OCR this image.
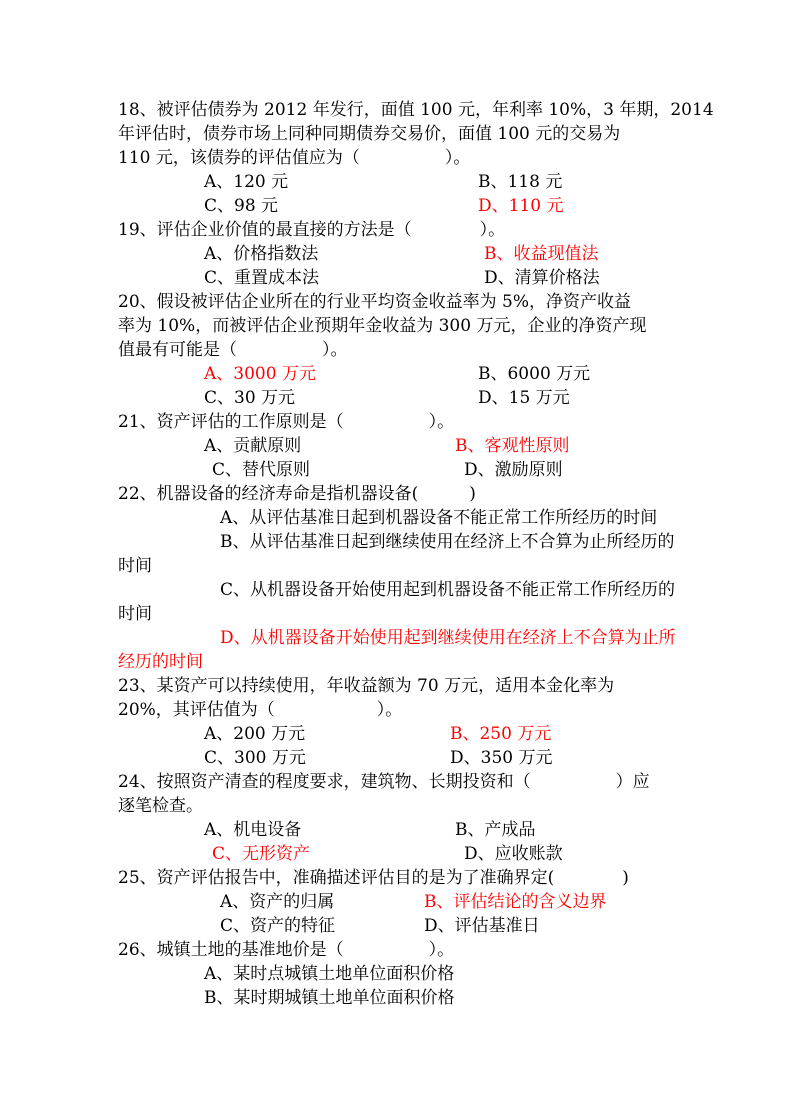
18、被评估债券为 2012 年发行，面值 100 元，年利率 10%，3 年期，2014
年评估时，债券市场上同种同期债券交易价，面值 100 元的交易为
110 元，该债券的评估值应为（　　　　　）。
A、120 元	B、118 元
C、98 元	D、110 元
19、评估企业价值的最直接的方法是（　　　　）。
A、价格指数法	B、收益现值法
C、重置成本法	D、清算价格法
20、假设被评估企业所在的行业平均资金收益率为 5%，净资产收益
率为 10%，而被评估企业预期年金收益为 300 万元，企业的净资产现
值最有可能是（　　　　　）。
A、3000 万元	B、6000 万元
C、30 万元	D、15 万元
21、资产评估的工作原则是（　　　　　）。
A、贡献原则	B、客观性原则
C、替代原则	D、激励原则
22、机器设备的经济寿命是指机器设备(　　　)
A、从评估基准日起到机器设备不能正常工作所经历的时间
B、从评估基准日起到继续使用在经济上不合算为止所经历的
时间
C、从机器设备开始使用起到机器设备不能正常工作所经历的
时间
D、从机器设备开始使用起到继续使用在经济上不合算为止所
经历的时间
23、某资产可以持续使用，年收益额为 70 万元，适用本金化率为
20%，其评估值为（　　　　　　）。
A、200 万元	B、250 万元
C、300 万元	D、350 万元
24、按照资产清查的程度要求，建筑物、长期投资和（　　　　　）应
逐笔检查。
A、机电设备	B、产成品
C、无形资产	D、应收账款
25、资产评估报告中，准确描述评估目的是为了准确界定(　　　　)
A、资产的归属	B、评估结论的含义边界
C、资产的特征	D、评估基准日
26、城镇土地的基准地价是（　　　　　）。
A、某时点城镇土地单位面积价格
B、某时期城镇土地单位面积价格
